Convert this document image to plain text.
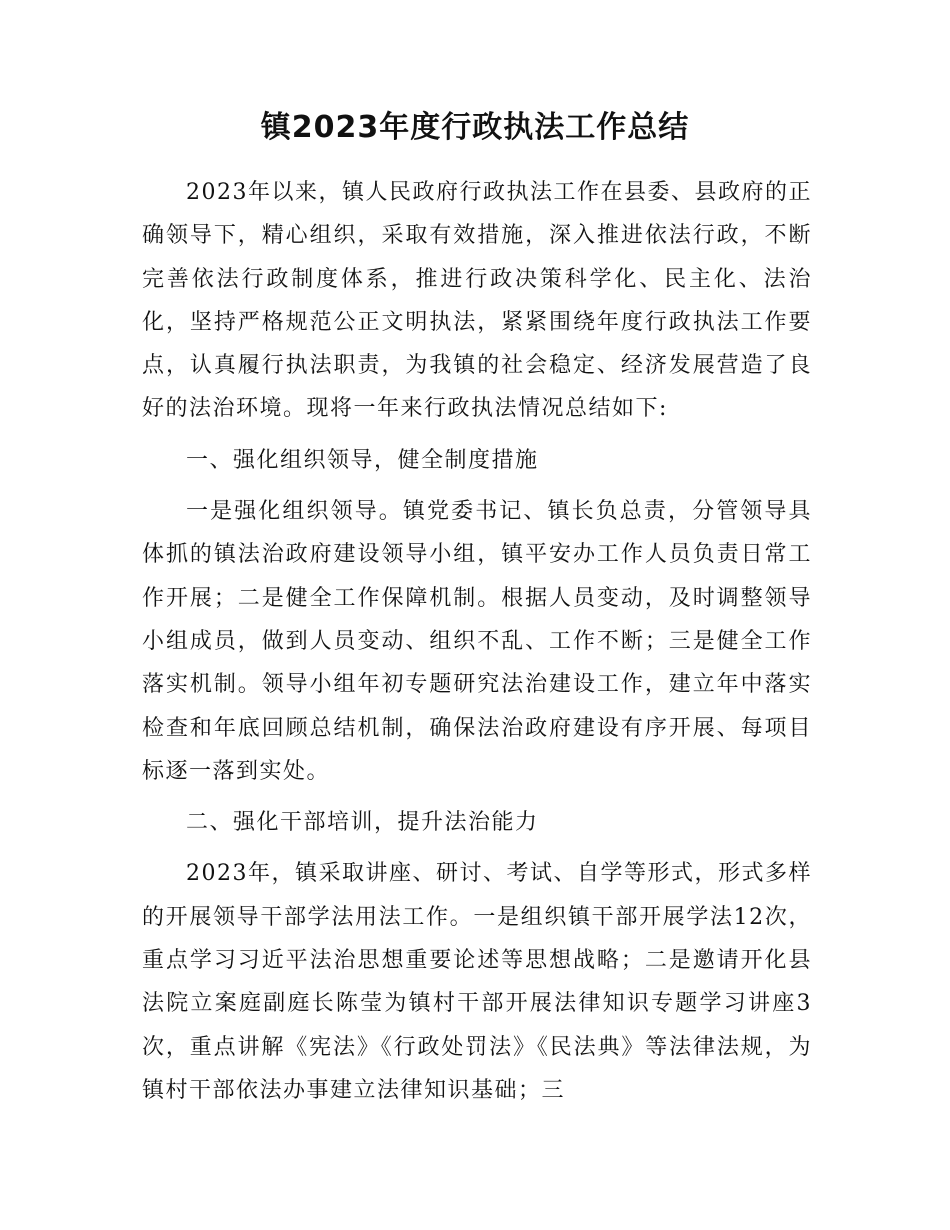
镇2023年度行政执法工作总结

2023年以来，镇人民政府行政执法工作在县委、县政府的正确领导下，精心组织，采取有效措施，深入推进依法行政，不断完善依法行政制度体系，推进行政决策科学化、民主化、法治化，坚持严格规范公正文明执法，紧紧围绕年度行政执法工作要点，认真履行执法职责，为我镇的社会稳定、经济发展营造了良好的法治环境。现将一年来行政执法情况总结如下:

一、强化组织领导，健全制度措施

一是强化组织领导。镇党委书记、镇长负总责，分管领导具体抓的镇法治政府建设领导小组，镇平安办工作人员负责日常工作开展；二是健全工作保障机制。根据人员变动，及时调整领导小组成员，做到人员变动、组织不乱、工作不断；三是健全工作落实机制。领导小组年初专题研究法治建设工作，建立年中落实检查和年底回顾总结机制，确保法治政府建设有序开展、每项目标逐一落到实处。

二、强化干部培训，提升法治能力

2023年，镇采取讲座、研讨、考试、自学等形式，形式多样的开展领导干部学法用法工作。一是组织镇干部开展学法12次，重点学习习近平法治思想重要论述等思想战略；二是邀请开化县法院立案庭副庭长陈莹为镇村干部开展法律知识专题学习讲座3次，重点讲解《宪法》《行政处罚法》《民法典》等法律法规，为镇村干部依法办事建立法律知识基础；三
